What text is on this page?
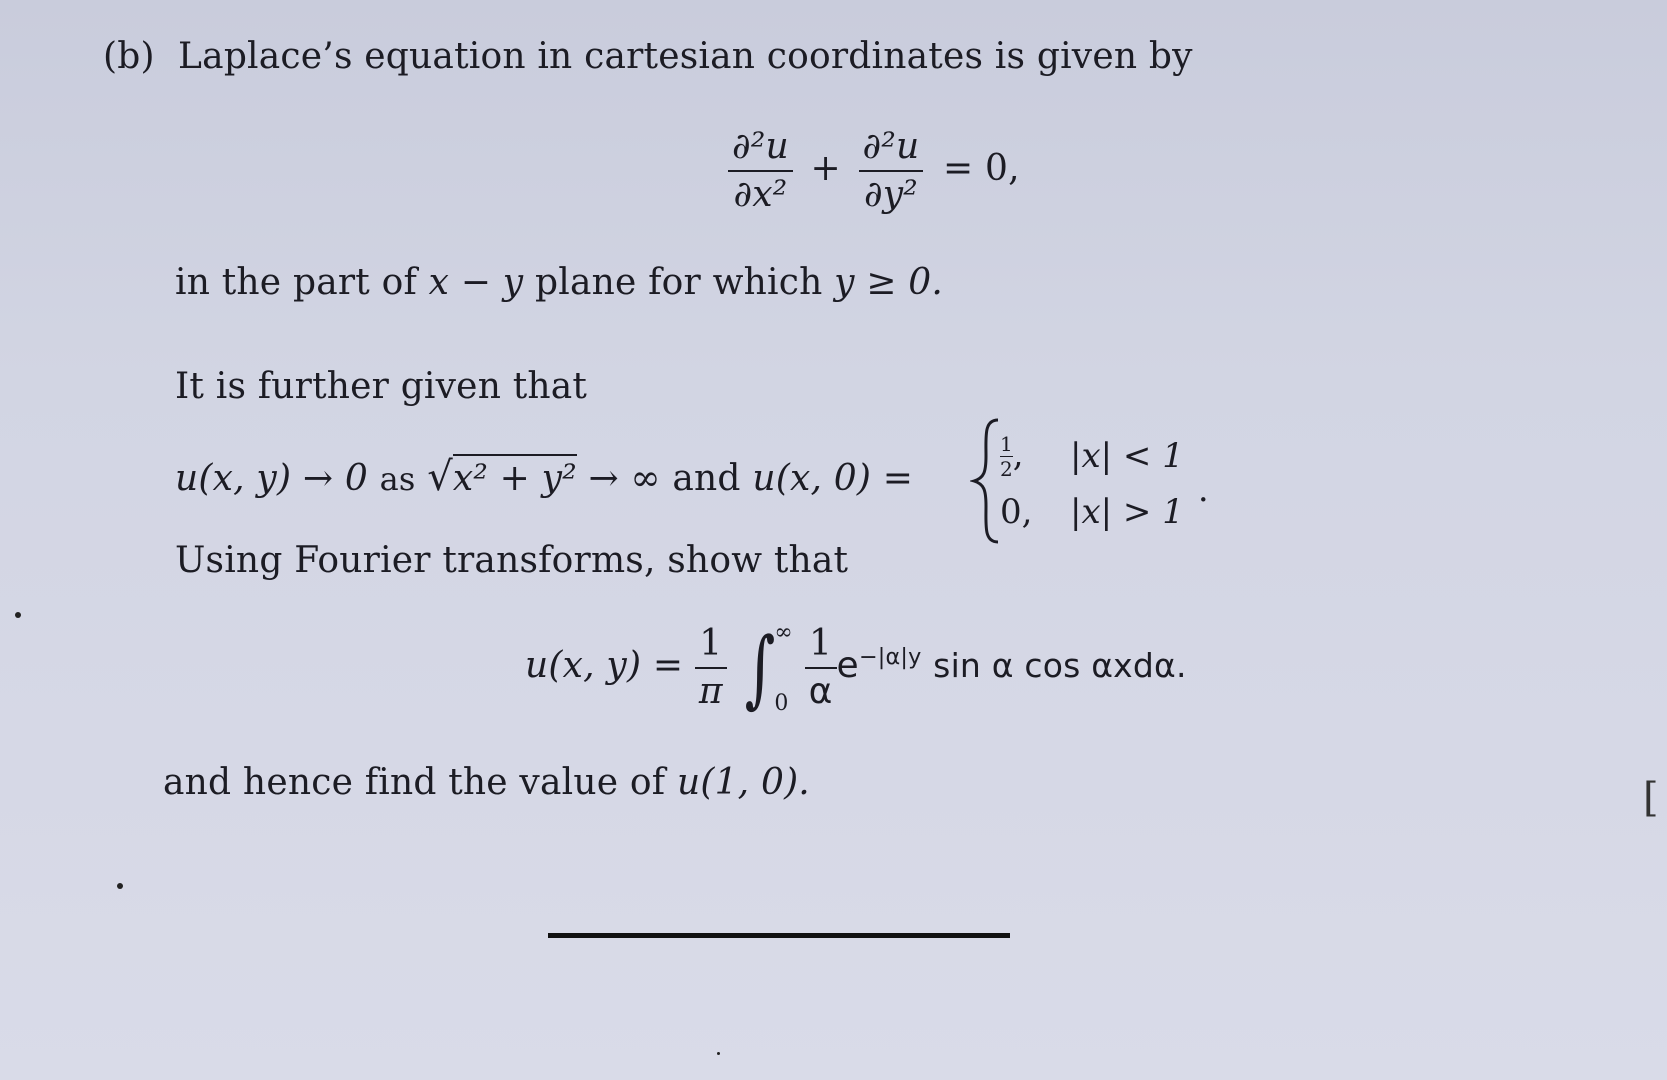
(b) Laplace’s equation in cartesian coordinates is given by
$\frac{\text{∂²u}}{\text{∂x²}} + \frac{\text{∂²u}}{\text{∂y²}} = 0$,
in the part of x − y plane for which y ≥ 0.
It is further given that
u(x, y) → 0 as √x² + y² → ∞ and u(x, 0) =	$\frac{1}{2}$ ,	|x| < 1
0,	|x| > 1
.
Using Fourier transforms, show that
u(x, $y) = \frac{1}{\pi}$ ∫
∞
0
$\frac{1}{\alpha} e^{-|\alpha|y}$ sin α cos αxdα.
and hence find the value of u(1, 0).	[
